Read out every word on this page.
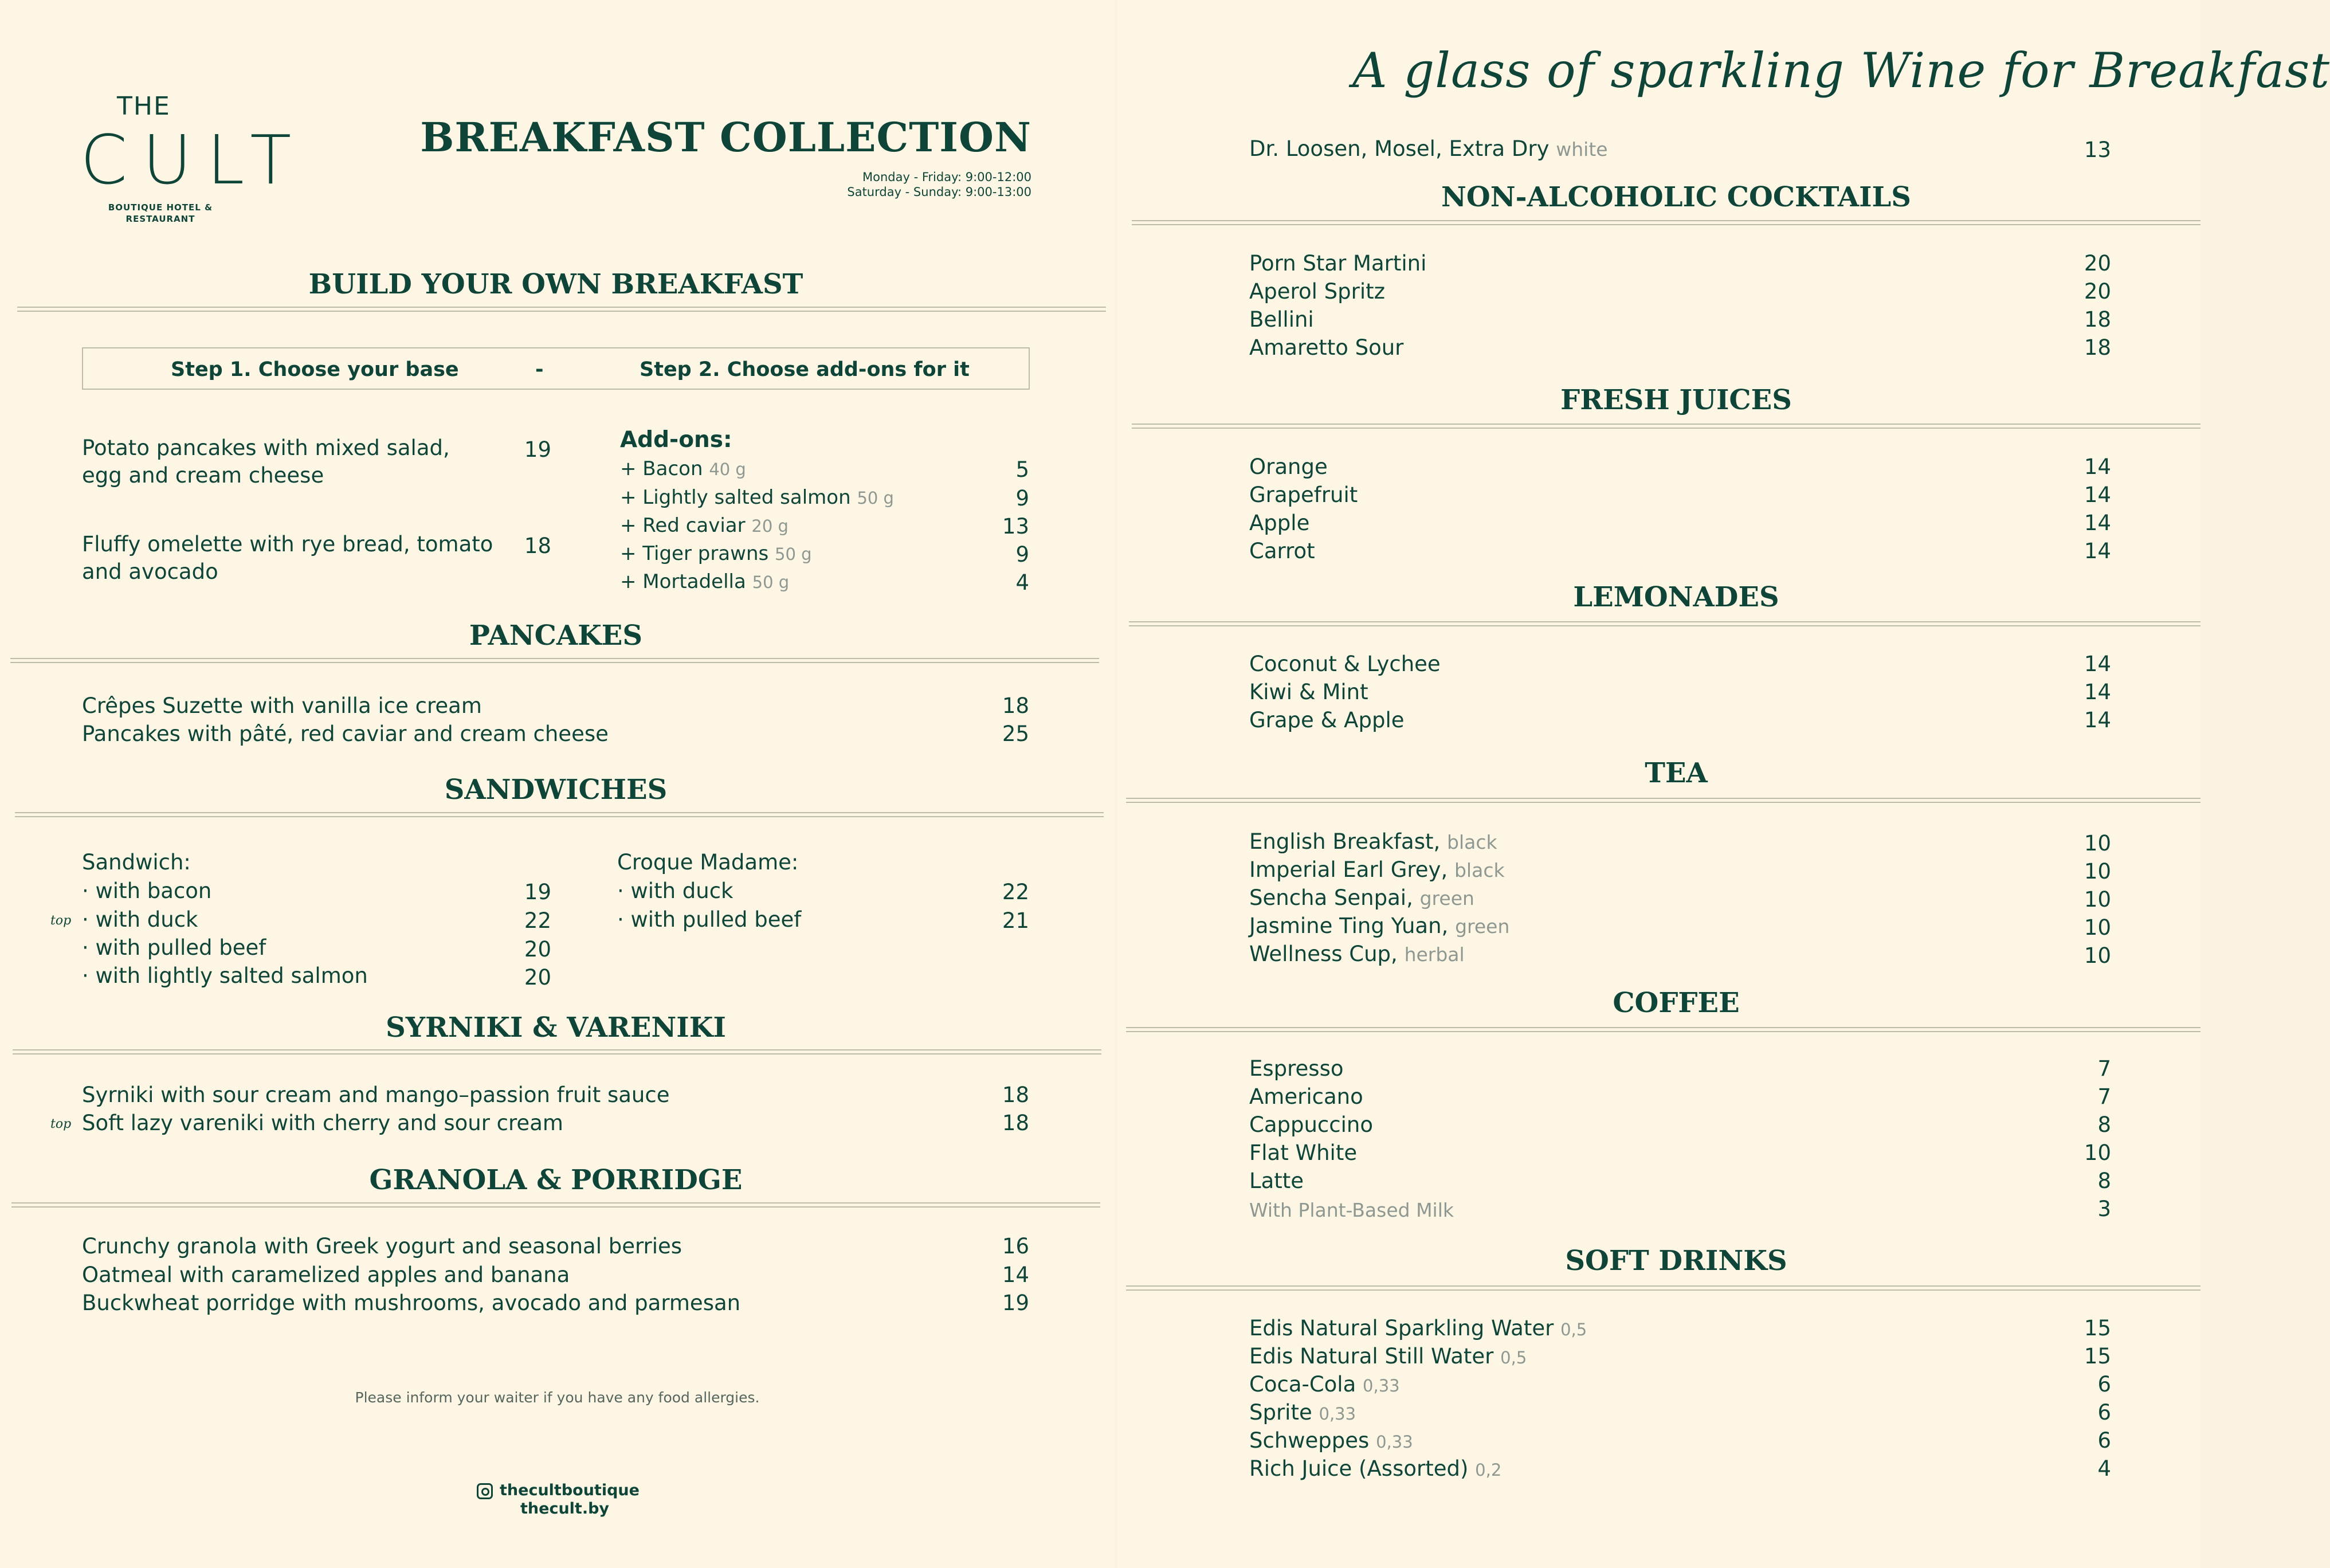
THE
CULT
BOUTIQUE HOTEL & RESTAURANT
BREAKFAST COLLECTION
Monday - Friday: 9:00-12:00
Saturday - Sunday: 9:00-13:00
BUILD YOUR OWN BREAKFAST
Step 1. Choose your base	-	Step 2. Choose add-ons for it
Potato pancakes with mixed salad,
egg and cream cheese
19
Fluffy omelette with rye bread, tomato
and avocado
18
Add-ons:
+ Bacon 40 g	5
+ Lightly salted salmon 50 g	9
+ Red caviar 20 g	13
+ Tiger prawns 50 g	9
+ Mortadella 50 g	4
PANCAKES
Crêpes Suzette with vanilla ice cream	18
Pancakes with pâté, red caviar and cream cheese	25
SANDWICHES
Sandwich:
· with bacon	19
top · with duck	22
· with pulled beef	20
· with lightly salted salmon	20
Croque Madame:
· with duck	22
· with pulled beef	21
SYRNIKI & VARENIKI
Syrniki with sour cream and mango–passion fruit sauce	18
top Soft lazy vareniki with cherry and sour cream	18
GRANOLA & PORRIDGE
Crunchy granola with Greek yogurt and seasonal berries	16
Oatmeal with caramelized apples and banana	14
Buckwheat porridge with mushrooms, avocado and parmesan	19
Please inform your waiter if you have any food allergies.
thecultboutique
thecult.by
A glass of sparkling Wine for Breakfast
Dr. Loosen, Mosel, Extra Dry white	13
NON-ALCOHOLIC COCKTAILS
Porn Star Martini	20
Aperol Spritz	20
Bellini	18
Amaretto Sour	18
FRESH JUICES
Orange	14
Grapefruit	14
Apple	14
Carrot	14
LEMONADES
Coconut & Lychee	14
Kiwi & Mint	14
Grape & Apple	14
TEA
English Breakfast, black	10
Imperial Earl Grey, black	10
Sencha Senpai, green	10
Jasmine Ting Yuan, green	10
Wellness Cup, herbal	10
COFFEE
Espresso	7
Americano	7
Cappuccino	8
Flat White	10
Latte	8
With Plant-Based Milk	3
SOFT DRINKS
Edis Natural Sparkling Water 0,5	15
Edis Natural Still Water 0,5	15
Coca-Cola 0,33	6
Sprite 0,33	6
Schweppes 0,33	6
Rich Juice (Assorted) 0,2	4
